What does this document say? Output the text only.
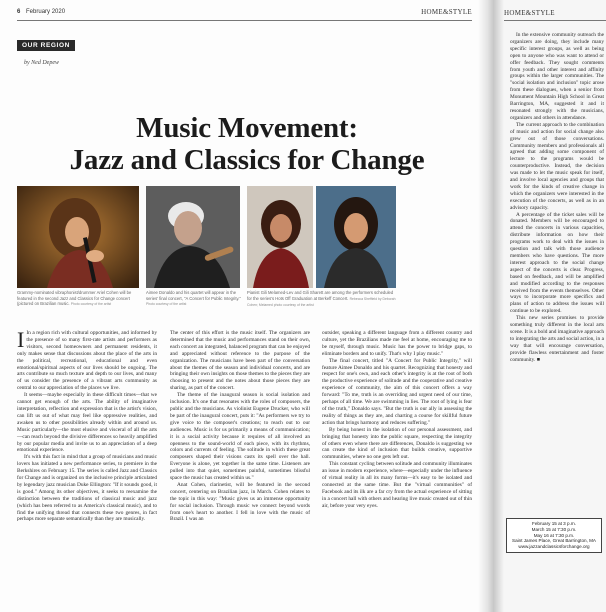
6 February 2020	HOME&STYLE
OUR REGION
by Ned Depew
Music Movement:
Jazz and Classics for Change
Grammy-nominated vibraphonist/drummer Ariel Cohen will be featured in the second Jazz and Classics for Change concert (pictured on Brazilian music. Photo courtesy of the artist
Aimee Donaldo and his quartet will appear in the series' final concert, "A Concert for Public Integrity." Photo courtesy of the artist
Pianist Gili Melamed-Lev and Gili Sharett are among the performers scheduled for the series's Hots Off Graduation at Berkeff Concert. Rebecca Sheffield by Deborah Cohen; Melamed photo courtesy of the artist

I In a region rich with cultural opportunities, and informed by the presence of so many first-rate artists and performers as visitors, second homeowners and permanent residents, it only makes sense that discussions about the place of the arts in the political, recreational, educational and even emotional/spiritual aspects of our lives should be ongoing. The arts contribute so much texture and depth to our lives, and many of us consider the presence of a vibrant arts community as central to our appreciation of the places we live.

It seems—maybe especially in these difficult times—that we cannot get enough of the arts. The ability of imaginative interpretation, reflection and expression that is the artist's vision, can lift us out of what may feel like oppressive realities, and awaken us to other possibilities already within and around us. Music particularly—the most elusive and visceral of all the arts—can reach beyond the divisive differences so heavily amplified by our popular media and invite us to an appreciation of a deep emotional experience.

It's with this fact in mind that a group of musicians and music lovers has initiated a new performance series, to premiere in the Berkshires on February 15. The series is called Jazz and Classics for Change and is organized on the inclusive principle articulated by legendary jazz musician Duke Ellington: "If it sounds good, it is good." Among its other objectives, it seeks to reexamine the distinction between the traditions of classical music and jazz (which has been referred to as America's classical music), and to find the unifying thread that connects these two genres, in fact perhaps more separate semantically than they are musically.

The center of this effort is the music itself. The organizers are determined that the music and performances stand on their own, each concert an integrated, balanced program that can be enjoyed and appreciated without reference to the purpose of the organization. The musicians have been part of the conversation about the themes of the season and individual concerts, and are bringing their own insights on those themes to the pieces they are choosing to present and the notes about those pieces they are sharing, as part of the concert.

The theme of the inaugural season is social isolation and inclusion. It's one that resonates with the roles of composers, the public and the musicians. As violinist Eugene Drucker, who will be part of the inaugural concert, puts it: "As performers we try to give voice to the composer's creations; to reach out to our audiences. Music is for us primarily a means of communication; it is a social activity because it requires of all involved an openness to the sound-world of each piece, with its rhythms, colors and currents of feeling. The solitude in which these great composers shaped their visions casts its spell over the hall. Everyone is alone, yet together in the same time. Listeners are pulled into that quiet, sometimes painful, sometimes blissful space the music has created within us."

Anat Cohen, clarinetist, will be featured in the second concert, centering on Brazilian jazz, in March. Cohen relates to the topic in this way: "Music gives us an immense opportunity for social inclusion. Through music we connect beyond words from one's heart to another. I fell in love with the music of Brazil. I was an

outsider, speaking a different language from a different country and culture, yet the Brazilians made me feel at home, encouraging me to be myself, through music. Music has the power to bridge gaps, to eliminate borders and to unify. That's why I play music."

The final concert, titled "A Concert for Public Integrity," will feature Aimee Donaldo and his quartet. Recognizing that honesty and respect for one's own, and each other's integrity is at the root of both the productive experience of solitude and the cooperative and creative experience of community, the aim of this concert offers a way forward: "To me, truth is an overriding and urgent need of our time, perhaps of all time. We are swimming in lies. The root of lying is fear of the truth," Donaldo says. "But the truth is our ally in assessing the reality of things as they are, and charting a course for skillful future action that brings harmony and reduces suffering."

By being honest in the isolation of our personal assessment, and bringing that honesty into the public square, respecting the integrity of others even where there are differences, Donaldo is suggesting we can create the kind of inclusion that builds creative, supportive communities, where no one gets left out.

This constant cycling between solitude and community illuminates an issue in modern experience, where—especially under the influence of virtual reality in all its many forms—it's easy to be isolated and connected at the same time. But the "virtual communities" of Facebook and its ilk are a far cry from the actual experience of sitting in a concert hall with others and hearing live music created out of thin air, before your very eyes.

HOME&STYLE

In the extensive community outreach the organizers are doing, they include many specific interest groups, as well as being open to anyone who was want to attend or offer feedback. They sought comments from youth and other interest and affinity groups within the larger communities. The "social isolation and inclusion" topic arose from these dialogues, when a senior from Monument Mountain High School in Great Barrington, MA, suggested it and it resonated strongly with the musicians, organizers and others in attendance.

The current approach to the combination of music and action for social change also grew out of those conversations. Community members and professionals all agreed that adding some component of lecture to the programs would be counterproductive. Instead, the decision was made to let the music speak for itself, and involve local agencies and groups that work for the kinds of creative change in which the organizers were interested in the execution of the concerts, as well as in an advisory capacity.

A percentage of the ticket sales will be donated. Members will be encouraged to attend the concerts in various capacities, distribute information on how their programs work to deal with the issues in question and talk with those audience members who have questions. The more interest approach to the social change aspect of the concerts is clear. Progress, based on feedback, and will be amplified and modified according to the responses received from the events themselves. Other ways to incorporate more specifics and plans of action to address the issues will continue to be explored.

This new series promises to provide something truly different in the local arts scene. It is a bold and imaginative approach to integrating the arts and social action, in a way that will encourage conversation, provide flawless entertainment and foster community. ■

February 15 at 3 p.m.
March 15 at 7:30 p.m.
May 16 at 7:30 p.m.
Saint James Place, Great Barrington, MA
www.jazzandclassicsforchange.org
